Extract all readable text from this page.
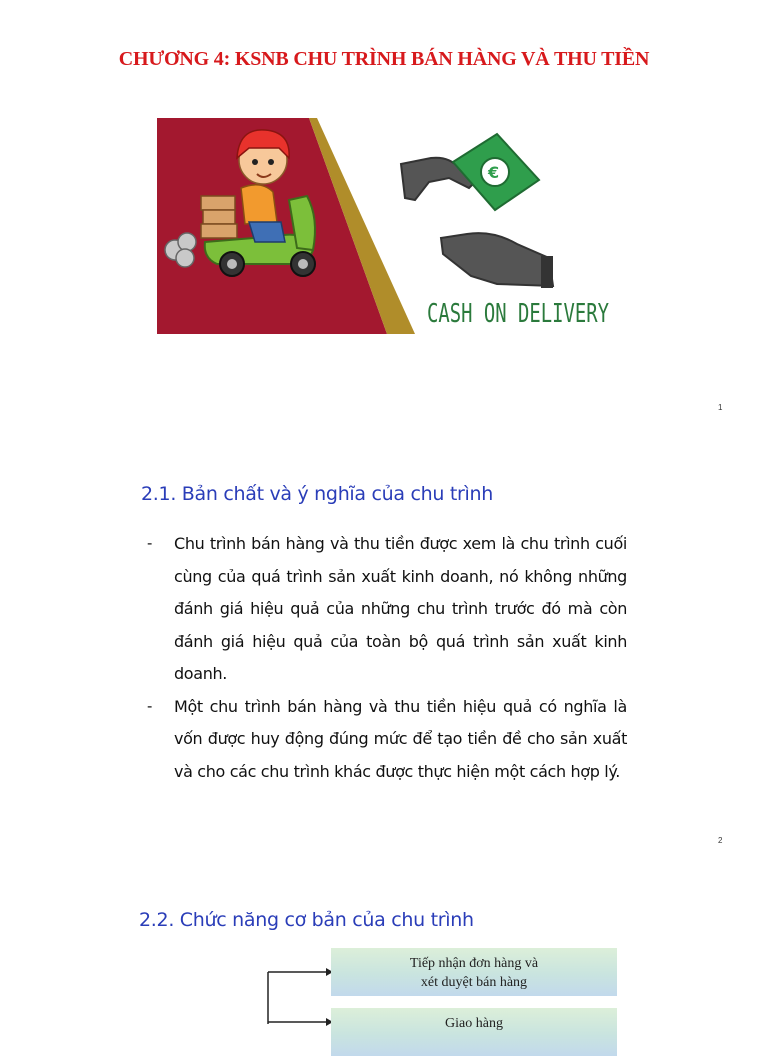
CHƯƠNG 4: KSNB CHU TRÌNH BÁN HÀNG VÀ THU TIỀN
€
CASH ON DELIVERY
1
2.1. Bản chất và ý nghĩa của chu trình
- Chu trình bán hàng và thu tiền được xem là chu trình cuối cùng của quá trình sản xuất kinh doanh, nó không những đánh giá hiệu quả của những chu trình trước đó mà còn đánh giá hiệu quả của toàn bộ quá trình sản xuất kinh doanh.
- Một chu trình bán hàng và thu tiền hiệu quả có nghĩa là vốn được huy động đúng mức để tạo tiền đề cho sản xuất và cho các chu trình khác được thực hiện một cách hợp lý.
2
2.2. Chức năng cơ bản của chu trình
Tiếp nhận đơn hàng và
xét duyệt bán hàng
Giao hàng
